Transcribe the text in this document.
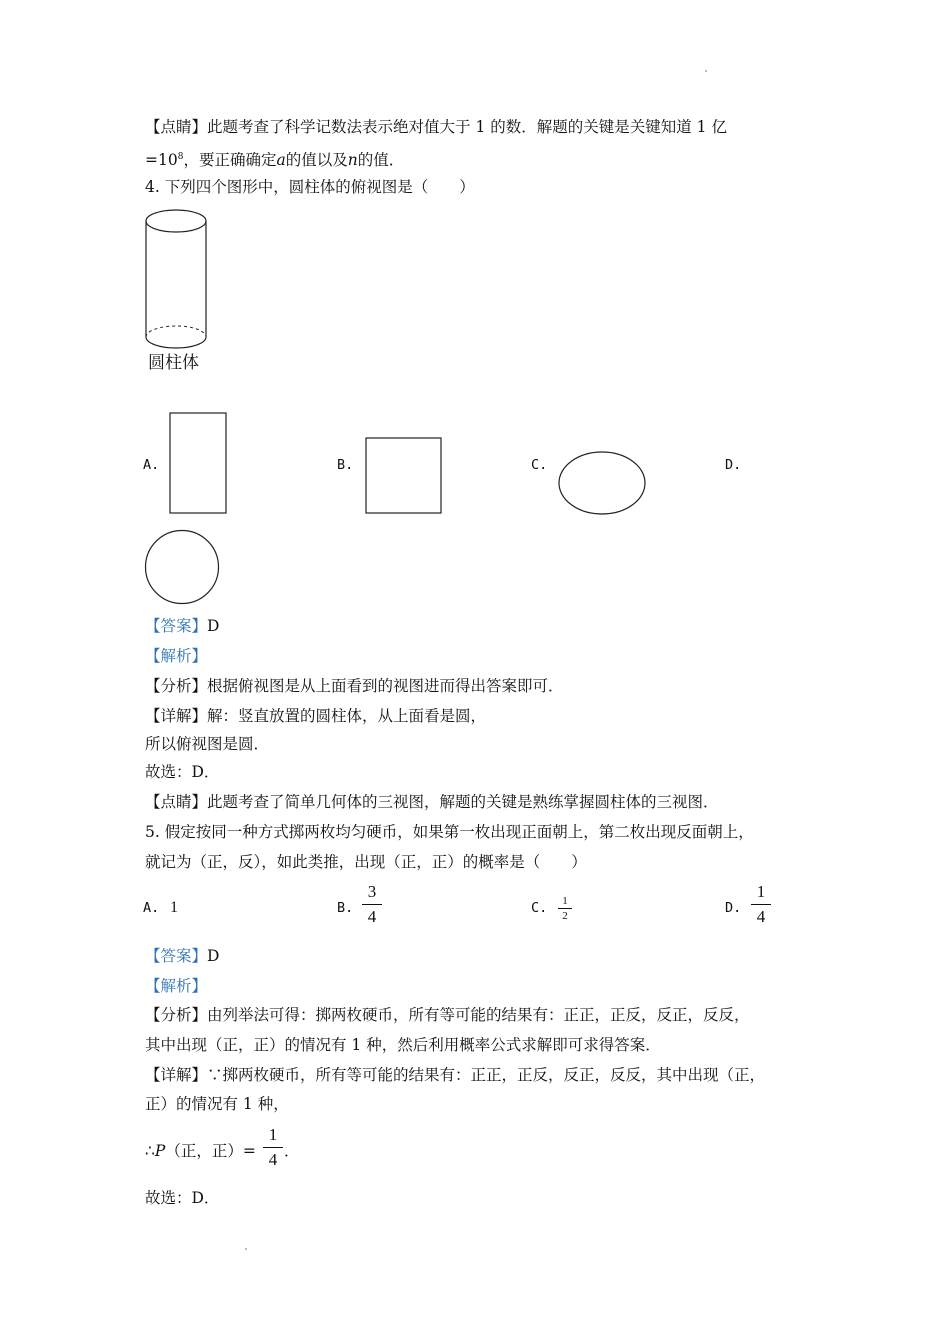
【点睛】此题考查了科学记数法表示绝对值大于 1 的数．解题的关键是关键知道 1 亿
$=10^8$，要正确确定a的值以及n的值．
4. 下列四个图形中，圆柱体的俯视图是（　　）
圆柱体
A.	B.	C.	D.
【答案】D
【解析】
【分析】根据俯视图是从上面看到的视图进而得出答案即可．
【详解】解：竖直放置的圆柱体，从上面看是圆，
所以俯视图是圆．
故选：D．
【点睛】此题考查了简单几何体的三视图，解题的关键是熟练掌握圆柱体的三视图．
5. 假定按同一种方式掷两枚均匀硬币，如果第一枚出现正面朝上，第二枚出现反面朝上，
就记为（正，反），如此类推，出现（正，正）的概率是（　　）
A. 1	B.
3
4	C.	1
2	D.
1
4
【答案】D
【解析】
【分析】由列举法可得：掷两枚硬币，所有等可能的结果有：正正，正反，反正，反反，
其中出现（正，正）的情况有 1 种，然后利用概率公式求解即可求得答案．
【详解】∵掷两枚硬币，所有等可能的结果有：正正，正反，反正，反反，其中出现（正，
正）的情况有 1 种，
∴P（正，正）=
1
4 ．
故选：D．
